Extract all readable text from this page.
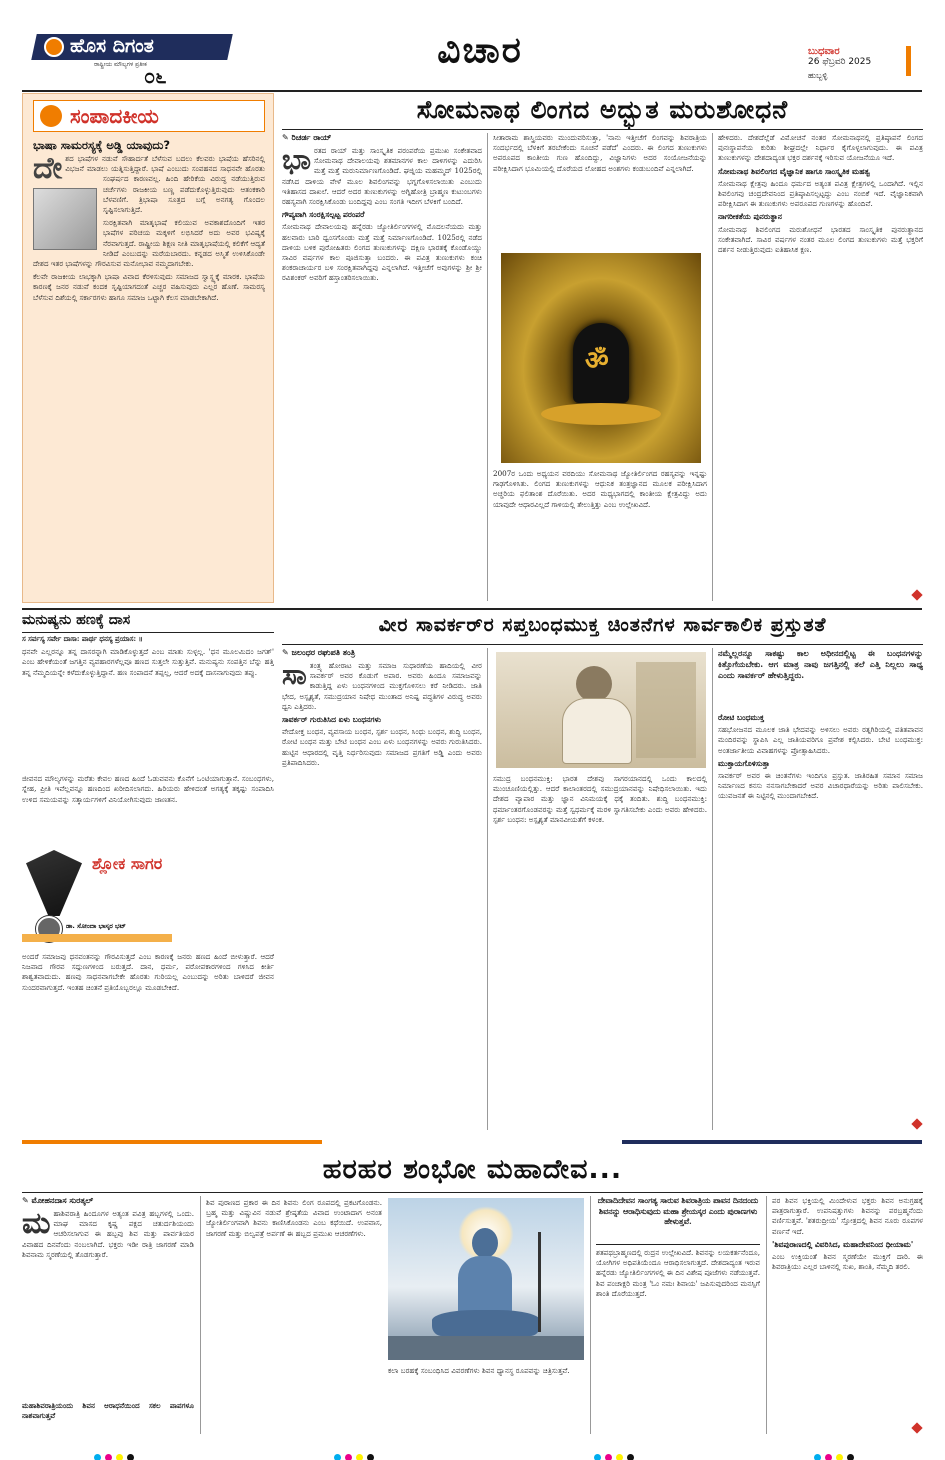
ಹೊಸ ದಿಗಂತ
ರಾಷ್ಟ್ರೀಯ ಮೌಲ್ಯಗಳ ಪ್ರತೀಕ
೦೬
ವಿಚಾರ	ಬುಧವಾರ
26 ಫೆಬ್ರವರಿ 2025
ಹುಬ್ಬಳ್ಳಿ
ಸಂಪಾದಕೀಯ
ಭಾಷಾ ಸಾಮರಸ್ಯಕ್ಕೆ ಅಡ್ಡಿ ಯಾವುದು?
ದೇ ಶದ ಭಾಷೆಗಳ ನಡುವೆ ಸೌಹಾರ್ದತೆ ಬೆಳೆಸುವ ಬದಲು ಕೆಲವರು ಭಾಷೆಯ ಹೆಸರಿನಲ್ಲಿ ವಿಭಜನೆ ಮಾಡಲು ಯತ್ನಿಸುತ್ತಿದ್ದಾರೆ. ಭಾಷೆ ಎಂಬುದು ಸಂವಹನದ ಸಾಧನವೇ ಹೊರತು ಸಂಘರ್ಷದ ಕಾರಣವಲ್ಲ. ಹಿಂದಿ ಹೇರಿಕೆಯ ವಿರುದ್ಧ ನಡೆಯುತ್ತಿರುವ ಚರ್ಚೆಗಳು ರಾಜಕೀಯ ಬಣ್ಣ ಪಡೆದುಕೊಳ್ಳುತ್ತಿರುವುದು ಆತಂಕಕಾರಿ ಬೆಳವಣಿಗೆ. ತ್ರಿಭಾಷಾ ಸೂತ್ರದ ಬಗ್ಗೆ ಅನಗತ್ಯ ಗೊಂದಲ ಸೃಷ್ಟಿಸಲಾಗುತ್ತಿದೆ.

ಸುರಕ್ಷಿತವಾಗಿ ಮಾತೃಭಾಷೆ ಕಲಿಯುವ ಅವಕಾಶದೊಂದಿಗೆ ಇತರ ಭಾಷೆಗಳ ಪರಿಚಯ ಮಕ್ಕಳಿಗೆ ಲಭಿಸಿದರೆ ಅದು ಅವರ ಭವಿಷ್ಯಕ್ಕೆ ನೆರವಾಗುತ್ತದೆ. ರಾಷ್ಟ್ರೀಯ ಶಿಕ್ಷಣ ನೀತಿ ಮಾತೃಭಾಷೆಯಲ್ಲಿ ಕಲಿಕೆಗೆ ಆದ್ಯತೆ ನೀಡಿದೆ ಎಂಬುದನ್ನು ಮರೆಯಬಾರದು. ಕನ್ನಡದ ಅಸ್ಮಿತೆ ಉಳಿಸಿಕೊಂಡೇ ದೇಶದ ಇತರ ಭಾಷೆಗಳನ್ನು ಗೌರವಿಸುವ ಮನೋಭಾವ ನಮ್ಮದಾಗಬೇಕು.

ಕೆಲವೇ ರಾಜಕೀಯ ಲಾಭಕ್ಕಾಗಿ ಭಾಷಾ ವಿವಾದ ಕೆರಳಿಸುವುದು ಸಮಾಜದ ಸ್ವಾಸ್ಥ್ಯಕ್ಕೆ ಮಾರಕ. ಭಾಷೆಯ ಕಾರಣಕ್ಕೆ ಜನರ ನಡುವೆ ಕಂದಕ ಸೃಷ್ಟಿಯಾಗದಂತೆ ಎಚ್ಚರ ವಹಿಸುವುದು ಎಲ್ಲರ ಹೊಣೆ. ಸಾಮರಸ್ಯ ಬೆಳೆಸುವ ದಿಶೆಯಲ್ಲಿ ಸರ್ಕಾರಗಳು ಹಾಗೂ ಸಮಾಜ ಒಟ್ಟಾಗಿ ಕೆಲಸ ಮಾಡಬೇಕಾಗಿದೆ.

ಸೋಮನಾಥ ಲಿಂಗದ ಅದ್ಭುತ ಮರುಶೋಧನೆ
✎ ರಿಚರ್ಡ ರಾಯ್
ಭಾ ರತದ ರಾಯ್ ಮತ್ತು ಸಾಂಸ್ಕೃತಿಕ ಪರಂಪರೆಯ ಪ್ರಮುಖ ಸಂಕೇತವಾದ ಸೋಮನಾಥ ದೇವಾಲಯವು ಶತಮಾನಗಳ ಕಾಲ ದಾಳಿಗಳನ್ನು ಎದುರಿಸಿ ಮತ್ತೆ ಮತ್ತೆ ಮರುನಿರ್ಮಾಣಗೊಂಡಿದೆ. ಘಜ್ನಿಯ ಮಹಮ್ಮದ್ 1025ರಲ್ಲಿ ನಡೆಸಿದ ದಾಳಿಯ ವೇಳೆ ಮೂಲ ಶಿವಲಿಂಗವನ್ನು ಭಗ್ನಗೊಳಿಸಲಾಯಿತು ಎಂಬುದು ಇತಿಹಾಸದ ದಾಖಲೆ. ಆದರೆ ಅದರ ತುಣುಕುಗಳನ್ನು ಅಗ್ನಿಹೋತ್ರಿ ಬ್ರಾಹ್ಮಣ ಕುಟುಂಬಗಳು ರಹಸ್ಯವಾಗಿ ಸಂರಕ್ಷಿಸಿಕೊಂಡು ಬಂದಿದ್ದವು ಎಂಬ ಸಂಗತಿ ಇದೀಗ ಬೆಳಕಿಗೆ ಬಂದಿದೆ.

ಗೌಪ್ಯವಾಗಿ ಸಂರಕ್ಷಿಸಲ್ಪಟ್ಟ ಪರಂಪರೆ

ಸೋಮನಾಥ ದೇವಾಲಯವು ಹನ್ನೆರಡು ಜ್ಯೋತಿರ್ಲಿಂಗಗಳಲ್ಲಿ ಮೊದಲನೆಯದು ಮತ್ತು ಹಲವಾರು ಬಾರಿ ಧ್ವಂಸಗೊಂಡು ಮತ್ತೆ ಮತ್ತೆ ನಿರ್ಮಾಣಗೊಂಡಿದೆ. 1025ರಲ್ಲಿ ನಡೆದ ದಾಳಿಯ ಬಳಿಕ ಪುರೋಹಿತರು ಲಿಂಗದ ತುಣುಕುಗಳನ್ನು ದಕ್ಷಿಣ ಭಾರತಕ್ಕೆ ಕೊಂಡೊಯ್ದು ಸಾವಿರ ವರ್ಷಗಳ ಕಾಲ ಪೂಜಿಸುತ್ತಾ ಬಂದರು. ಈ ಪವಿತ್ರ ತುಣುಕುಗಳು ಕಂಚಿ ಶಂಕರಾಚಾರ್ಯರ ಬಳಿ ಸಂರಕ್ಷಿತವಾಗಿದ್ದವು ಎನ್ನಲಾಗಿದೆ. ಇತ್ತೀಚೆಗೆ ಅವುಗಳನ್ನು ಶ್ರೀ ಶ್ರೀ ರವಿಶಂಕರ್ ಅವರಿಗೆ ಹಸ್ತಾಂತರಿಸಲಾಯಿತು.

ಸೀತಾರಾಮ ಶಾಸ್ತ್ರಿಯವರು ಮುಂದುವರಿಸುತ್ತಾ, 'ನಾನು ಇತ್ತೀಚೆಗೆ ಲಿಂಗವನ್ನು ಶಿವರಾತ್ರಿಯ ಸಂದರ್ಭದಲ್ಲಿ ಬೆಳಕಿಗೆ ತರಬೇಕೆಂದು ಸೂಚನೆ ಪಡೆದೆ' ಎಂದರು. ಈ ಲಿಂಗದ ತುಣುಕುಗಳು ಅಪರೂಪದ ಕಾಂತೀಯ ಗುಣ ಹೊಂದಿದ್ದು, ವಿಜ್ಞಾನಿಗಳು ಅದರ ಸಂಯೋಜನೆಯನ್ನು ಪರೀಕ್ಷಿಸಿದಾಗ ಭೂಮಿಯಲ್ಲಿ ದೊರೆಯದ ಲೋಹದ ಅಂಶಗಳು ಕಂಡುಬಂದಿವೆ ಎನ್ನಲಾಗಿದೆ.
ॐ
2007ರ ಒಂದು ಅಧ್ಯಯನ ವರದಿಯು ಸೋಮನಾಥ ಜ್ಯೋತಿರ್ಲಿಂಗದ ರಹಸ್ಯವನ್ನು ಇನ್ನಷ್ಟು ಗಾಢಗೊಳಿಸಿತು. ಲಿಂಗದ ತುಣುಕುಗಳನ್ನು ಆಧುನಿಕ ತಂತ್ರಜ್ಞಾನದ ಮೂಲಕ ಪರೀಕ್ಷಿಸಿದಾಗ ಅಚ್ಚರಿಯ ಫಲಿತಾಂಶ ದೊರೆಯಿತು. ಅದರ ಮಧ್ಯಭಾಗದಲ್ಲಿ ಕಾಂತೀಯ ಕ್ಷೇತ್ರವಿದ್ದು ಅದು ಯಾವುದೇ ಆಧಾರವಿಲ್ಲದೆ ಗಾಳಿಯಲ್ಲಿ ತೇಲುತ್ತಿತ್ತು ಎಂಬ ಉಲ್ಲೇಖವಿದೆ.

ಹೇಳಿದರು. ದೇಶದೆಲ್ಲೆಡೆ ವಿಮೋಚನೆ ನಂತರ ಸೋಮನಾಥನಲ್ಲಿ ಪ್ರತಿಷ್ಠಾಪನೆ ಲಿಂಗದ ಪುನಃಸ್ಥಾಪನೆಯ ಕುರಿತು ಶೀಘ್ರದಲ್ಲೇ ನಿರ್ಧಾರ ಕೈಗೊಳ್ಳಲಾಗುವುದು. ಈ ಪವಿತ್ರ ತುಣುಕುಗಳನ್ನು ದೇಶದಾದ್ಯಂತ ಭಕ್ತರ ದರ್ಶನಕ್ಕೆ ಇರಿಸುವ ಯೋಜನೆಯೂ ಇದೆ.

ಸೋಮನಾಥ ಶಿವಲಿಂಗದ ವೈಜ್ಞಾನಿಕ ಹಾಗೂ ಸಾಂಸ್ಕೃತಿಕ ಮಹತ್ವ

ಸೋಮನಾಥ ಕ್ಷೇತ್ರವು ಹಿಂದೂ ಧರ್ಮದ ಅತ್ಯಂತ ಪವಿತ್ರ ಕ್ಷೇತ್ರಗಳಲ್ಲಿ ಒಂದಾಗಿದೆ. ಇಲ್ಲಿನ ಶಿವಲಿಂಗವು ಚಂದ್ರದೇವನಿಂದ ಪ್ರತಿಷ್ಠಾಪಿಸಲ್ಪಟ್ಟದ್ದು ಎಂಬ ನಂಬಿಕೆ ಇದೆ. ವೈಜ್ಞಾನಿಕವಾಗಿ ಪರೀಕ್ಷಿಸಿದಾಗ ಈ ತುಣುಕುಗಳು ಅಪರೂಪದ ಗುಣಗಳನ್ನು ಹೊಂದಿವೆ.

ನಾಗರೀಕತೆಯ ಪುನರುತ್ಥಾನ

ಸೋಮನಾಥ ಶಿವಲಿಂಗದ ಮರುಶೋಧನೆ ಭಾರತದ ಸಾಂಸ್ಕೃತಿಕ ಪುನರುತ್ಥಾನದ ಸಂಕೇತವಾಗಿದೆ. ಸಾವಿರ ವರ್ಷಗಳ ನಂತರ ಮೂಲ ಲಿಂಗದ ತುಣುಕುಗಳು ಮತ್ತೆ ಭಕ್ತರಿಗೆ ದರ್ಶನ ನೀಡುತ್ತಿರುವುದು ಐತಿಹಾಸಿಕ ಕ್ಷಣ.

ಮನುಷ್ಯನು ಹಣಕ್ಕೆ ದಾಸ
ಸ ಸರ್ವಸ್ಯ ಸರ್ವೇ ದಾಸಾ: ಪಾರ್ಥ ಧನಸ್ಯ ಪ್ರಯಾಸ: ॥
ಧನವೇ ಎಲ್ಲರನ್ನೂ ತನ್ನ ದಾಸರನ್ನಾಗಿ ಮಾಡಿಕೊಳ್ಳುತ್ತದೆ ಎಂಬ ಮಾತು ಸುಳ್ಳಲ್ಲ. 'ಧನ ಮೂಲಮಿದಂ ಜಗತ್' ಎಂಬ ಹೇಳಿಕೆಯಂತೆ ಜಗತ್ತಿನ ವ್ಯವಹಾರಗಳೆಲ್ಲವೂ ಹಣದ ಸುತ್ತಲೇ ಸುತ್ತುತ್ತಿವೆ. ಮನುಷ್ಯನು ಸಂಪತ್ತಿನ ಬೆನ್ನು ಹತ್ತಿ ತನ್ನ ನೆಮ್ಮದಿಯನ್ನೇ ಕಳೆದುಕೊಳ್ಳುತ್ತಿದ್ದಾನೆ. ಹಣ ಸಂಪಾದನೆ ತಪ್ಪಲ್ಲ, ಆದರೆ ಅದಕ್ಕೆ ದಾಸನಾಗುವುದು ತಪ್ಪು.
ಜೀವನದ ಮೌಲ್ಯಗಳನ್ನು ಮರೆತು ಕೇವಲ ಹಣದ ಹಿಂದೆ ಓಡುವವನು ಕೊನೆಗೆ ಒಂಟಿಯಾಗುತ್ತಾನೆ. ಸಂಬಂಧಗಳು, ಸ್ನೇಹ, ಪ್ರೀತಿ ಇವೆಲ್ಲವನ್ನೂ ಹಣದಿಂದ ಖರೀದಿಸಲಾಗದು. ಹಿರಿಯರು ಹೇಳಿದಂತೆ ಅಗತ್ಯಕ್ಕೆ ತಕ್ಕಷ್ಟು ಸಂಪಾದಿಸಿ ಉಳಿದ ಸಮಯವನ್ನು ಸತ್ಕಾರ್ಯಗಳಿಗೆ ವಿನಿಯೋಗಿಸುವುದು ಜಾಣತನ.
ಶ್ಲೋಕ ಸಾಗರ
ಡಾ. ಸೋಂದಾ ಭಾಸ್ಕರ ಭಟ್
ಅಂದರೆ ಸಮಾಜವು ಧನವಂತನನ್ನು ಗೌರವಿಸುತ್ತದೆ ಎಂಬ ಕಾರಣಕ್ಕೆ ಜನರು ಹಣದ ಹಿಂದೆ ಬೀಳುತ್ತಾರೆ. ಆದರೆ ನಿಜವಾದ ಗೌರವ ಸದ್ಗುಣಗಳಿಂದ ಬರುತ್ತದೆ. ದಾನ, ಧರ್ಮ, ಪರೋಪಕಾರಗಳಿಂದ ಗಳಿಸಿದ ಕೀರ್ತಿ ಶಾಶ್ವತವಾದುದು. ಹಣವು ಸಾಧನವಾಗಬೇಕೇ ಹೊರತು ಗುರಿಯಲ್ಲ ಎಂಬುದನ್ನು ಅರಿತು ಬಾಳಿದರೆ ಜೀವನ ಸುಂದರವಾಗುತ್ತದೆ. ಇಂತಹ ಚಿಂತನೆ ಪ್ರತಿಯೊಬ್ಬರಲ್ಲೂ ಮೂಡಬೇಕಿದೆ.
ವೀರ ಸಾವರ್ಕರ್‌ರ ಸಪ್ತಬಂಧಮುಕ್ತ ಚಿಂತನೆಗಳ ಸಾರ್ವಕಾಲಿಕ ಪ್ರಸ್ತುತತೆ
✎ ಜಲಂಧರ ರಘುಪತಿ ತಂತ್ರಿ
ಸಾ ತಂತ್ರ್ಯ ಹೋರಾಟ ಮತ್ತು ಸಮಾಜ ಸುಧಾರಣೆಯ ಹಾದಿಯಲ್ಲಿ ವೀರ ಸಾವರ್ಕರ್ ಅವರ ಕೊಡುಗೆ ಅಪಾರ. ಅವರು ಹಿಂದೂ ಸಮಾಜವನ್ನು ಕಾಡುತ್ತಿದ್ದ ಏಳು ಬಂಧನಗಳಿಂದ ಮುಕ್ತಗೊಳಿಸಲು ಕರೆ ನೀಡಿದರು. ಜಾತಿ ಭೇದ, ಅಸ್ಪೃಶ್ಯತೆ, ಸಮುದ್ರಯಾನ ನಿಷೇಧ ಮುಂತಾದ ಅನಿಷ್ಟ ಪದ್ಧತಿಗಳ ವಿರುದ್ಧ ಅವರು ಧ್ವನಿ ಎತ್ತಿದರು.

ಸಾವರ್ಕರ್ ಗುರುತಿಸಿದ ಏಳು ಬಂಧನಗಳು

ವೇದೋಕ್ತ ಬಂಧನ, ವ್ಯವಸಾಯ ಬಂಧನ, ಸ್ಪರ್ಶ ಬಂಧನ, ಸಿಂಧು ಬಂಧನ, ಶುದ್ಧಿ ಬಂಧನ, ರೋಟಿ ಬಂಧನ ಮತ್ತು ಬೇಟಿ ಬಂಧನ ಎಂಬ ಏಳು ಬಂಧನಗಳನ್ನು ಅವರು ಗುರುತಿಸಿದರು. ಹುಟ್ಟಿನ ಆಧಾರದಲ್ಲಿ ವೃತ್ತಿ ನಿರ್ಧರಿಸುವುದು ಸಮಾಜದ ಪ್ರಗತಿಗೆ ಅಡ್ಡಿ ಎಂದು ಅವರು ಪ್ರತಿಪಾದಿಸಿದರು.

ಸಮುದ್ರ ಬಂಧನಮುಕ್ತಿ: ಭಾರತ ದೇಶವು ಸಾಗರಯಾನದಲ್ಲಿ ಒಂದು ಕಾಲದಲ್ಲಿ ಮುಂಚೂಣಿಯಲ್ಲಿತ್ತು. ಆದರೆ ಕಾಲಾಂತರದಲ್ಲಿ ಸಮುದ್ರಯಾನವನ್ನು ನಿಷೇಧಿಸಲಾಯಿತು. ಇದು ದೇಶದ ವ್ಯಾಪಾರ ಮತ್ತು ಜ್ಞಾನ ವಿನಿಮಯಕ್ಕೆ ಧಕ್ಕೆ ತಂದಿತು. ಶುದ್ಧಿ ಬಂಧನಮುಕ್ತಿ: ಧರ್ಮಾಂತರಗೊಂಡವರನ್ನು ಮತ್ತೆ ಸ್ವಧರ್ಮಕ್ಕೆ ಮರಳಿ ಸ್ವಾಗತಿಸಬೇಕು ಎಂದು ಅವರು ಹೇಳಿದರು. ಸ್ಪರ್ಶ ಬಂಧನ: ಅಸ್ಪೃಶ್ಯತೆ ಮಾನವೀಯತೆಗೆ ಕಳಂಕ.
ನಮ್ಮೆಲ್ಲರನ್ನೂ ಸಾಕಷ್ಟು ಕಾಲ ಅಧೀನದಲ್ಲಿಟ್ಟ ಈ ಬಂಧನಗಳನ್ನು ಕಿತ್ತೊಗೆಯಬೇಕು. ಆಗ ಮಾತ್ರ ನಾವು ಜಗತ್ತಿನಲ್ಲಿ ತಲೆ ಎತ್ತಿ ನಿಲ್ಲಲು ಸಾಧ್ಯ ಎಂದು ಸಾವರ್ಕರ್ ಹೇಳುತ್ತಿದ್ದರು.
ರೋಟಿ ಬಂಧಮುಕ್ತ

ಸಹಭೋಜನದ ಮೂಲಕ ಜಾತಿ ಭೇದವನ್ನು ಅಳಿಸಲು ಅವರು ರತ್ನಗಿರಿಯಲ್ಲಿ ಪತಿತಪಾವನ ಮಂದಿರವನ್ನು ಸ್ಥಾಪಿಸಿ ಎಲ್ಲ ಜಾತಿಯವರಿಗೂ ಪ್ರವೇಶ ಕಲ್ಪಿಸಿದರು. ಬೇಟಿ ಬಂಧಮುಕ್ತ: ಅಂತರ್ಜಾತೀಯ ವಿವಾಹಗಳನ್ನು ಪ್ರೋತ್ಸಾಹಿಸಿದರು.

ಮುಕ್ತಾಯಗೊಳಿಸುತ್ತಾ

ಸಾವರ್ಕರ್ ಅವರ ಈ ಚಿಂತನೆಗಳು ಇಂದಿಗೂ ಪ್ರಸ್ತುತ. ಜಾತಿರಹಿತ ಸಮಾನ ಸಮಾಜ ನಿರ್ಮಾಣದ ಕನಸು ನನಸಾಗಬೇಕಾದರೆ ಅವರ ವಿಚಾರಧಾರೆಯನ್ನು ಅರಿತು ಪಾಲಿಸಬೇಕು. ಯುವಜನತೆ ಈ ನಿಟ್ಟಿನಲ್ಲಿ ಮುಂದಾಗಬೇಕಿದೆ.

ಹರಹರ ಶಂಭೋ ಮಹಾದೇವ...
✎ ಮೋಹನದಾಸ ಸುರತ್ಕಲ್
ಮ ಹಾಶಿವರಾತ್ರಿ ಹಿಂದೂಗಳ ಅತ್ಯಂತ ಪವಿತ್ರ ಹಬ್ಬಗಳಲ್ಲಿ ಒಂದು. ಮಾಘ ಮಾಸದ ಕೃಷ್ಣ ಪಕ್ಷದ ಚತುರ್ದಶಿಯಂದು ಆಚರಿಸಲಾಗುವ ಈ ಹಬ್ಬವು ಶಿವ ಮತ್ತು ಪಾರ್ವತಿಯರ ವಿವಾಹದ ದಿನವೆಂದು ನಂಬಲಾಗಿದೆ. ಭಕ್ತರು ಇಡೀ ರಾತ್ರಿ ಜಾಗರಣೆ ಮಾಡಿ ಶಿವನಾಮ ಸ್ಮರಣೆಯಲ್ಲಿ ತೊಡಗುತ್ತಾರೆ.

ಮಹಾಶಿವರಾತ್ರಿಯಂದು ಶಿವನ ಆರಾಧನೆಯಿಂದ ಸಕಲ ಪಾಪಗಳೂ ನಾಶವಾಗುತ್ತವೆ
ಶಿವ ಪುರಾಣದ ಪ್ರಕಾರ ಈ ದಿನ ಶಿವನು ಲಿಂಗ ರೂಪದಲ್ಲಿ ಪ್ರಕಟಗೊಂಡನು. ಬ್ರಹ್ಮ ಮತ್ತು ವಿಷ್ಣುವಿನ ನಡುವೆ ಶ್ರೇಷ್ಠತೆಯ ವಿವಾದ ಉಂಟಾದಾಗ ಅನಂತ ಜ್ಯೋತಿರ್ಲಿಂಗವಾಗಿ ಶಿವನು ಕಾಣಿಸಿಕೊಂಡನು ಎಂಬ ಕಥೆಯಿದೆ. ಉಪವಾಸ, ಜಾಗರಣೆ ಮತ್ತು ಬಿಲ್ವಪತ್ರೆ ಅರ್ಪಣೆ ಈ ಹಬ್ಬದ ಪ್ರಮುಖ ಆಚರಣೆಗಳು.
ಕಲಾ ಬರಹಕ್ಕೆ ಸಂಬಂಧಿಸಿದ ವಿವರಣೆಗಳು ಶಿವನ ಧ್ಯಾನಸ್ಥ ರೂಪವನ್ನು ಚಿತ್ರಿಸುತ್ತವೆ.
ದೇವಾದಿದೇವನ ಸಾಂಗತ್ಯ ಸಾರುವ ಶಿವರಾತ್ರಿಯ ಪಾವನ ದಿನದಂದು ಶಿವನನ್ನು ಆರಾಧಿಸುವುದು ಮಹಾ ಶ್ರೇಯಸ್ಕರ ಎಂದು ಪುರಾಣಗಳು ಹೇಳುತ್ತವೆ.
ಶತಪಥಬ್ರಾಹ್ಮಣದಲ್ಲಿ ರುದ್ರನ ಉಲ್ಲೇಖವಿದೆ. ಶಿವನನ್ನು ಲಯಕರ್ತನೆಂದೂ, ಯೋಗಿಗಳ ಅಧಿಪತಿಯೆಂದೂ ಆರಾಧಿಸಲಾಗುತ್ತದೆ. ದೇಶದಾದ್ಯಂತ ಇರುವ ಹನ್ನೆರಡು ಜ್ಯೋತಿರ್ಲಿಂಗಗಳಲ್ಲಿ ಈ ದಿನ ವಿಶೇಷ ಪೂಜೆಗಳು ನಡೆಯುತ್ತವೆ. ಶಿವ ಪಂಚಾಕ್ಷರಿ ಮಂತ್ರ 'ಓಂ ನಮಃ ಶಿವಾಯ' ಜಪಿಸುವುದರಿಂದ ಮನಸ್ಸಿಗೆ ಶಾಂತಿ ದೊರೆಯುತ್ತದೆ.

ಪರ ಶಿವನ ಭಕ್ತಿಯಲ್ಲಿ ಮಿಂದೇಳುವ ಭಕ್ತರು ಶಿವನ ಅನುಗ್ರಹಕ್ಕೆ ಪಾತ್ರರಾಗುತ್ತಾರೆ. ಉಪನಿಷತ್ತುಗಳು ಶಿವನನ್ನು ಪರಬ್ರಹ್ಮನೆಂದು ವರ್ಣಿಸುತ್ತವೆ. 'ಶತರುದ್ರೀಯ' ಸ್ತೋತ್ರದಲ್ಲಿ ಶಿವನ ನೂರು ರೂಪಗಳ ವರ್ಣನೆ ಇದೆ.

'ಶಿವಪುರಾಣದಲ್ಲಿ ವಿವರಿಸಿದ, ಮಹಾದೇವನಿಂದ ಧೀಯಾಮ'

ಎಂಬ ಉಕ್ತಿಯಂತೆ ಶಿವನ ಸ್ಮರಣೆಯೇ ಮುಕ್ತಿಗೆ ದಾರಿ. ಈ ಶಿವರಾತ್ರಿಯು ಎಲ್ಲರ ಬಾಳಿನಲ್ಲಿ ಸುಖ, ಶಾಂತಿ, ನೆಮ್ಮದಿ ತರಲಿ.
